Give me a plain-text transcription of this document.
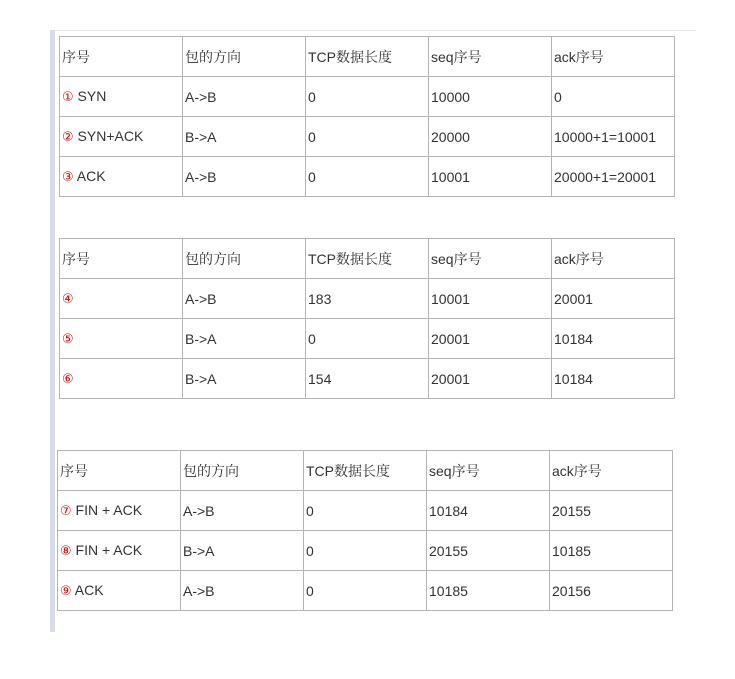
序号	包的方向	TCP数据长度	seq序号	ack序号
① SYN	A->B	0	10000	0
② SYN+ACK	B->A	0	20000	10000+1=10001
③ ACK	A->B	0	10001	20000+1=20001
序号	包的方向	TCP数据长度	seq序号	ack序号
④	A->B	183	10001	20001
⑤	B->A	0	20001	10184
⑥	B->A	154	20001	10184
序号	包的方向	TCP数据长度	seq序号	ack序号
⑦ FIN + ACK	A->B	0	10184	20155
⑧ FIN + ACK	B->A	0	20155	10185
⑨ ACK	A->B	0	10185	20156
